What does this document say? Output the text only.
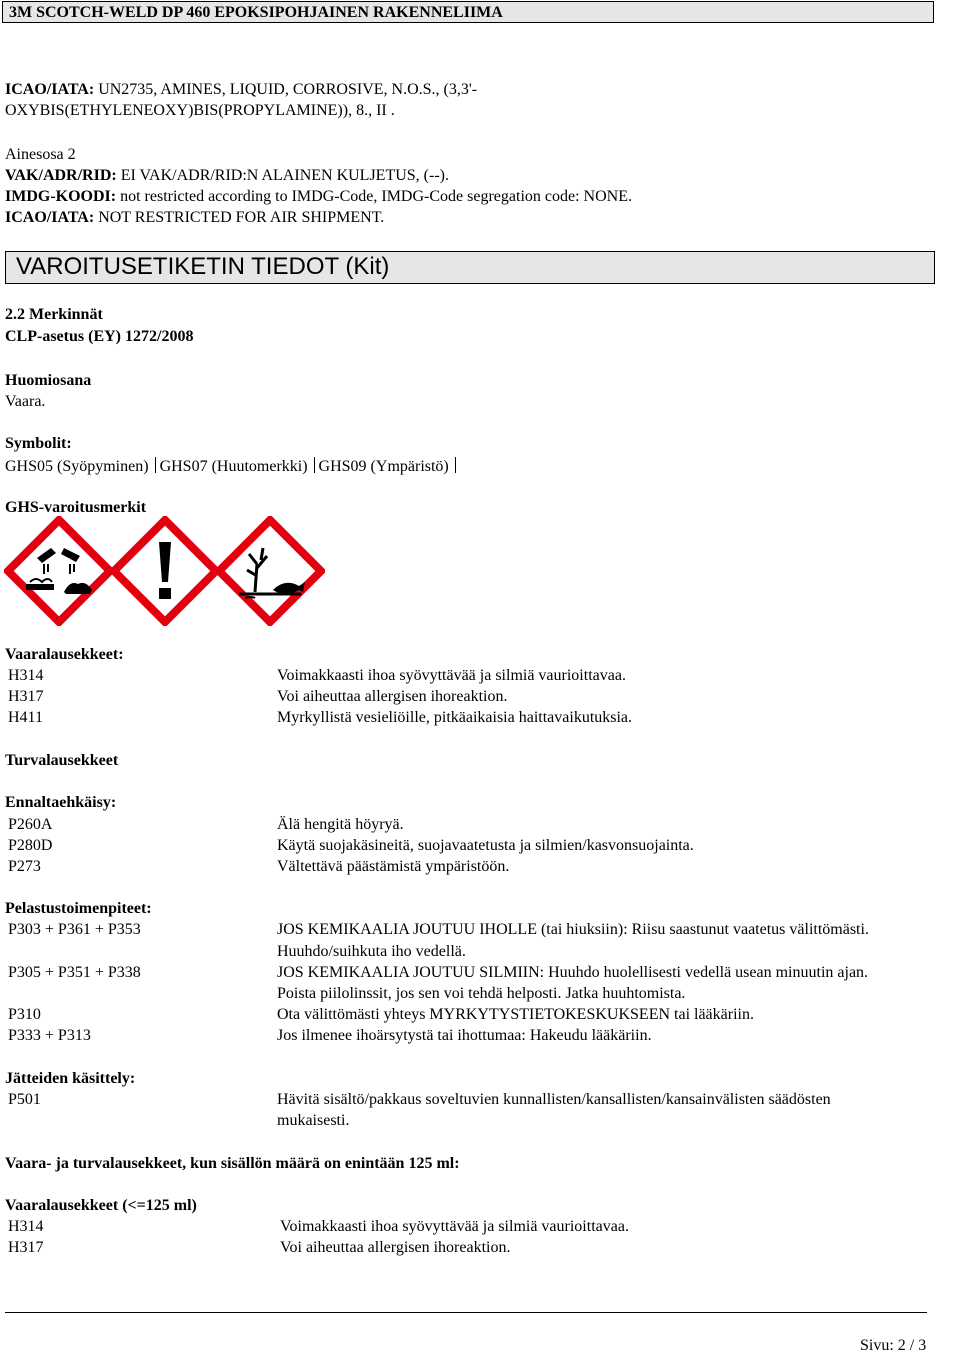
3M SCOTCH-WELD DP 460 EPOKSIPOHJAINEN RAKENNELIIMA
ICAO/IATA: UN2735, AMINES, LIQUID, CORROSIVE, N.O.S., (3,3'-
OXYBIS(ETHYLENEOXY)BIS(PROPYLAMINE)), 8., II .
Ainesosa 2
VAK/ADR/RID: EI VAK/ADR/RID:N ALAINEN KULJETUS, (--).
IMDG-KOODI: not restricted according to IMDG-Code, IMDG-Code segregation code: NONE.
ICAO/IATA: NOT RESTRICTED FOR AIR SHIPMENT.
VAROITUSETIKETIN TIEDOT (Kit)
2.2 Merkinnät
CLP-asetus (EY) 1272/2008
Huomiosana
Vaara.
Symbolit:
GHS05 (Syöpyminen) GHS07 (Huutomerkki) GHS09 (Ympäristö)
GHS-varoitusmerkit
Vaaralausekkeet:
H314	Voimakkaasti ihoa syövyttävää ja silmiä vaurioittavaa.
H317	Voi aiheuttaa allergisen ihoreaktion.
H411	Myrkyllistä vesieliöille, pitkäaikaisia haittavaikutuksia.
Turvalausekkeet
Ennaltaehkäisy:
P260A	Älä hengitä höyryä.
P280D	Käytä suojakäsineitä, suojavaatetusta ja silmien/kasvonsuojainta.
P273	Vältettävä päästämistä ympäristöön.
Pelastustoimenpiteet:
P303 + P361 + P353	JOS KEMIKAALIA JOUTUU IHOLLE (tai hiuksiin): Riisu saastunut vaatetus välittömästi.
Huuhdo/suihkuta iho vedellä.
P305 + P351 + P338	JOS KEMIKAALIA JOUTUU SILMIIN: Huuhdo huolellisesti vedellä usean minuutin ajan.
Poista piilolinssit, jos sen voi tehdä helposti. Jatka huuhtomista.
P310	Ota välittömästi yhteys MYRKYTYSTIETOKESKUKSEEN tai lääkäriin.
P333 + P313	Jos ilmenee ihoärsytystä tai ihottumaa: Hakeudu lääkäriin.
Jätteiden käsittely:
P501	Hävitä sisältö/pakkaus soveltuvien kunnallisten/kansallisten/kansainvälisten säädösten
mukaisesti.
Vaara- ja turvalausekkeet, kun sisällön määrä on enintään 125 ml:
Vaaralausekkeet (<=125 ml)
H314	Voimakkaasti ihoa syövyttävää ja silmiä vaurioittavaa.
H317	Voi aiheuttaa allergisen ihoreaktion.
Sivu: 2 / 3
